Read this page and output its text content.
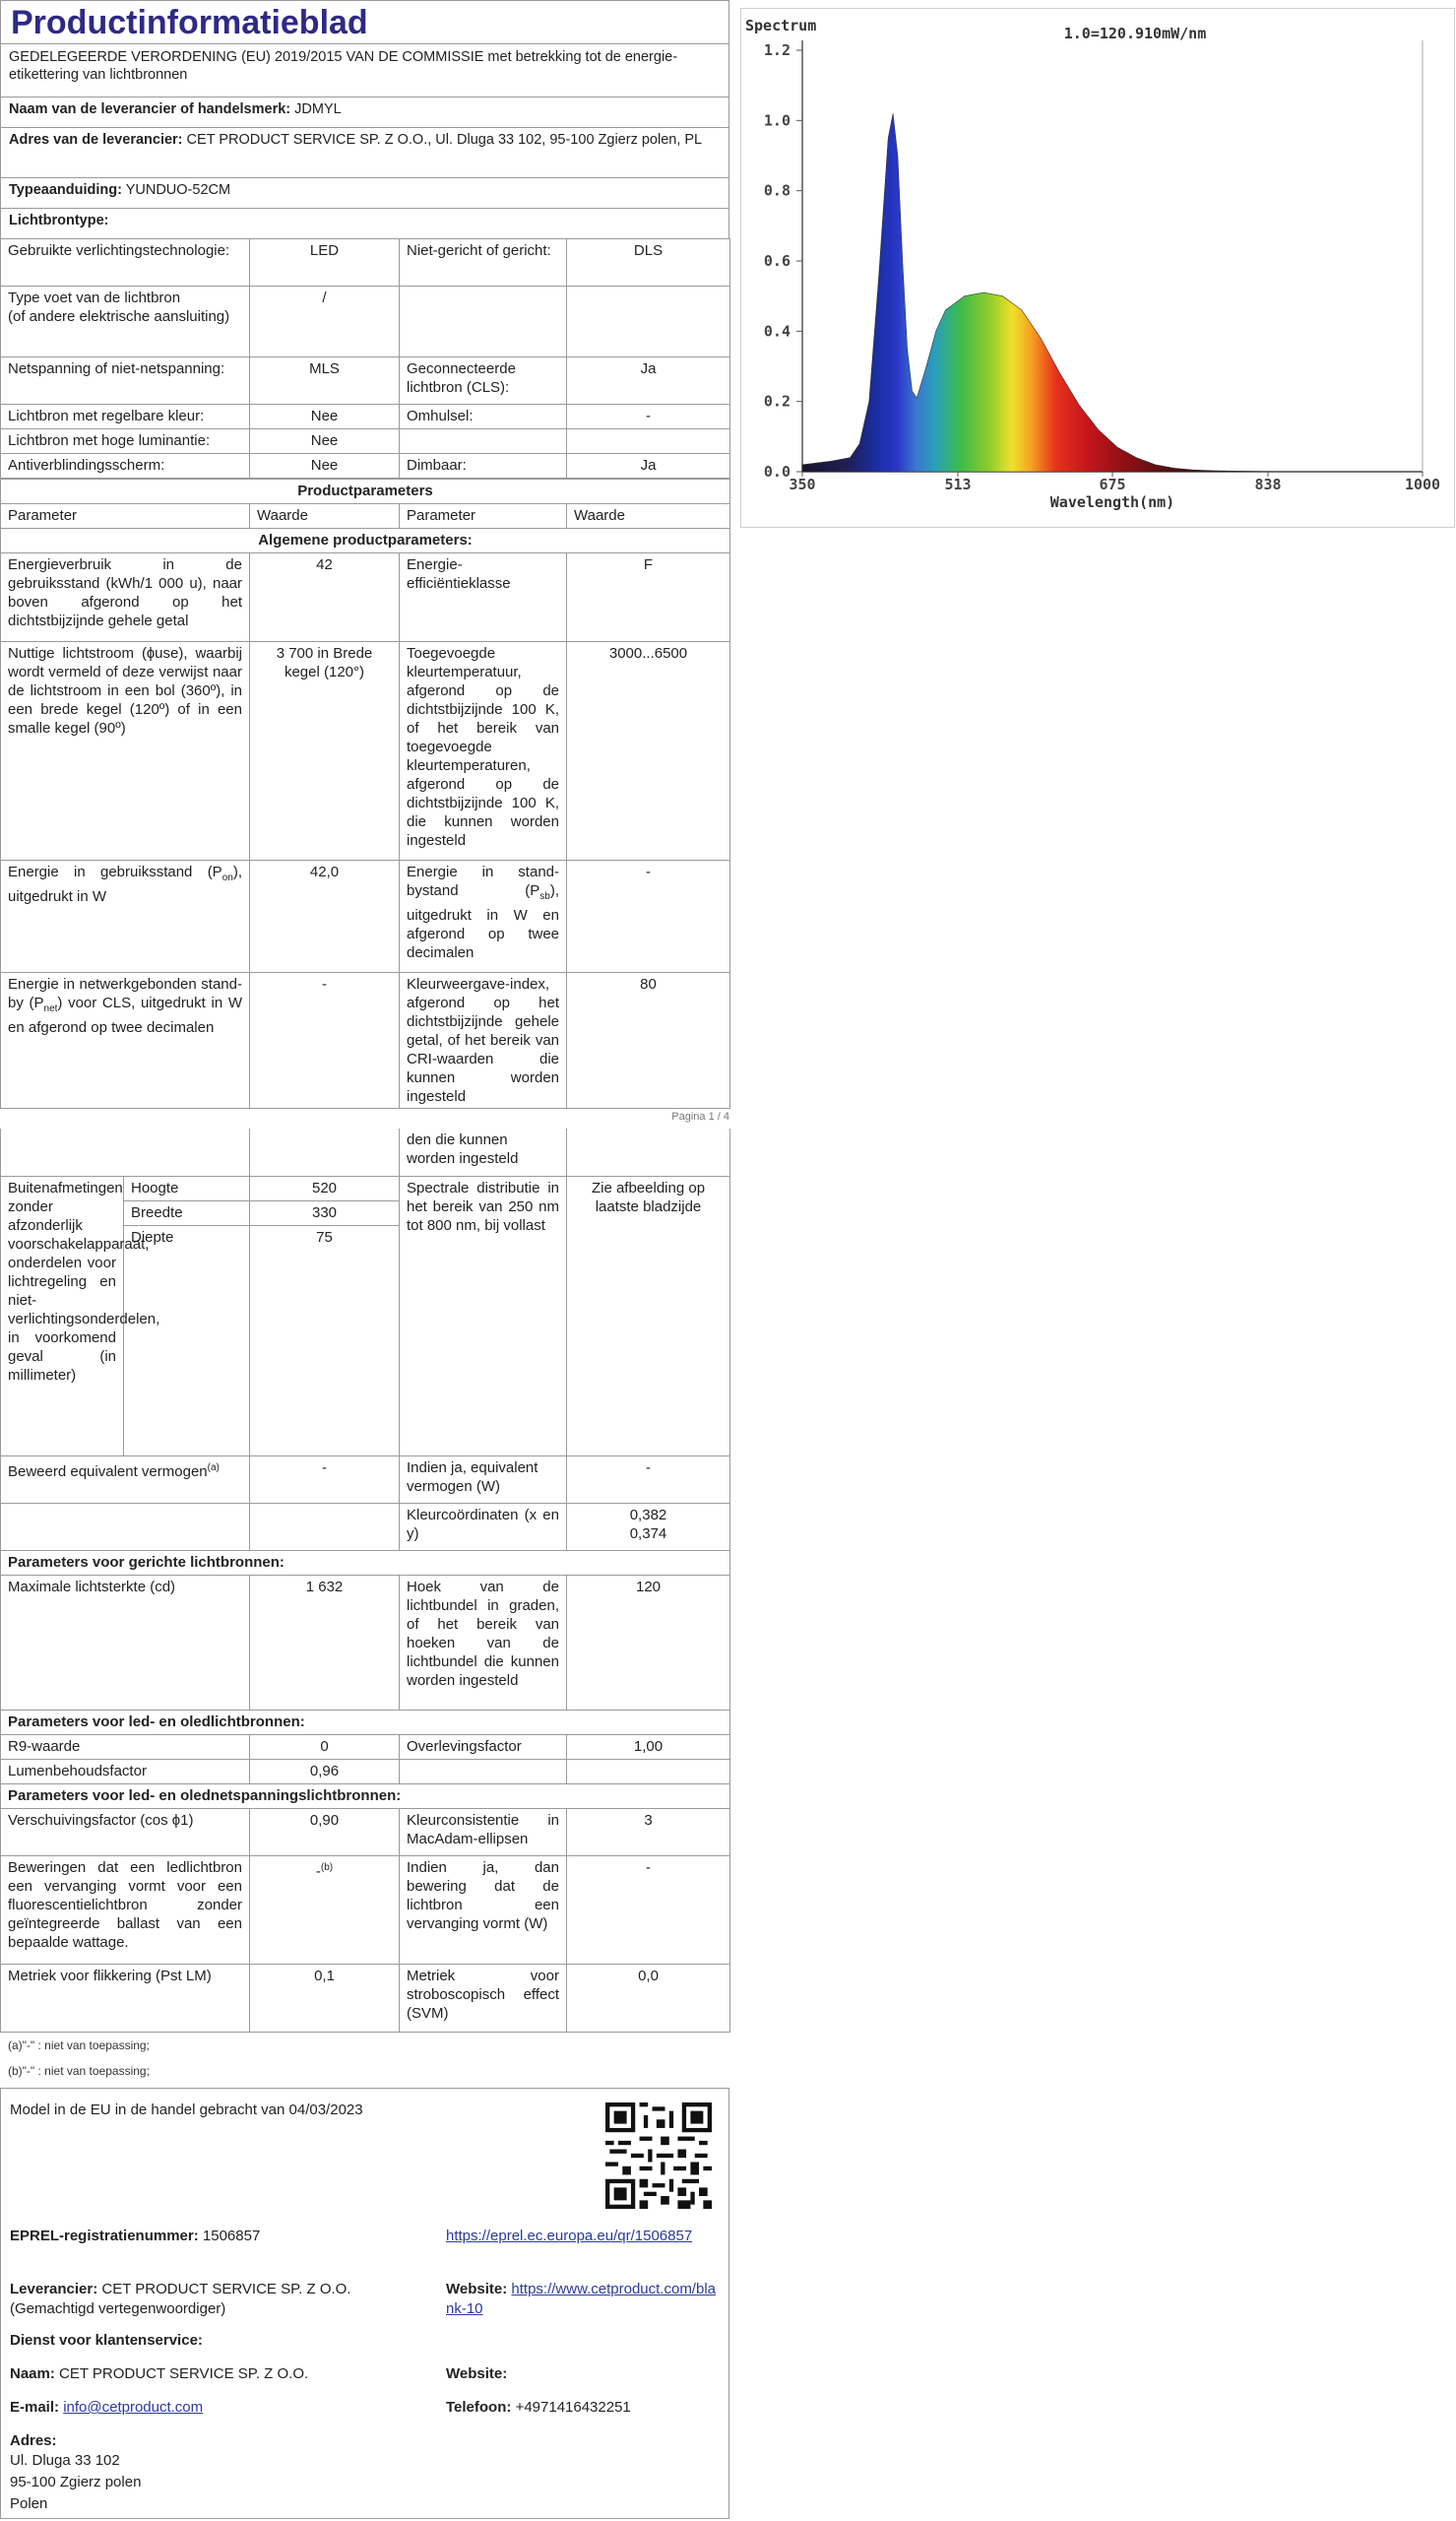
Productinformatieblad
GEDELEGEERDE VERORDENING (EU) 2019/2015 VAN DE COMMISSIE met betrekking tot de energie-etikettering van lichtbronnen
Naam van de leverancier of handelsmerk: JDMYL
Adres van de leverancier: CET PRODUCT SERVICE SP. Z O.O., Ul. Dluga 33 102, 95-100 Zgierz polen, PL
Typeaanduiding: YUNDUO-52CM
Lichtbrontype:
Gebruikte verlichtingstechnologie:	LED	Niet-gericht of gericht:	DLS
Type voet van de lichtbron
(of andere elektrische aansluiting)	/		
Netspanning of niet-netspanning:	MLS	Geconnecteerde lichtbron (CLS):	Ja
Lichtbron met regelbare kleur:	Nee	Omhulsel:	-
Lichtbron met hoge luminantie:	Nee		
Antiverblindingsscherm:	Nee	Dimbaar:	Ja
Productparameters			
Parameter	Waarde	Parameter	Waarde
Algemene productparameters:			
Energieverbruik in de gebruiksstand (kWh/1 000 u), naar boven afgerond op het dichtstbijzijnde gehele getal	42	Energie-efficiëntieklasse	F
Nuttige lichtstroom (ɸuse), waarbij wordt vermeld of deze verwijst naar de lichtstroom in een bol (360º), in een brede kegel (120º) of in een smalle kegel (90º)	3 700 in Brede kegel (120°)	Toegevoegde kleurtemperatuur, afgerond op de dichtstbijzijnde 100 K, of het bereik van toegevoegde kleurtemperaturen, afgerond op de dichtstbijzijnde 100 K, die kunnen worden ingesteld	3000...6500
Energie in gebruiksstand $(P_{on})$, uitgedrukt in W	42,0	Energie in stand-bystand $(P_{sb})$, uitgedrukt in W en afgerond op twee decimalen	-
Energie in netwerkgebonden stand-by $(P_{net})$ voor CLS, uitgedrukt in W en afgerond op twee decimalen	-	Kleurweergave-index, afgerond op het dichtstbijzijnde gehele getal, of het bereik van CRI-waarden die kunnen worden ingesteld	80
Pagina 1 / 4
			den die kunnen worden ingesteld	
Buitenafmetingen zonder afzonderlijk voorschakelapparaat, onderdelen voor lichtregeling en niet-verlichtingsonderdelen, in voorkomend geval (in millimeter)	Hoogte	520	Spectrale distributie in het bereik van 250 nm tot 800 nm, bij vollast	Zie afbeelding op laatste bladzijde
	Breedte	330		
	Diepte	75		
Beweerd equivalent vermogen$^{(a)}$		-	Indien ja, equivalent vermogen (W)	-
			Kleurcoördinaten (x en y)	0,382
0,374

Parameters voor gerichte lichtbronnen:				
Maximale lichtsterkte (cd)		1 632	Hoek van de lichtbundel in graden, of het bereik van hoeken van de lichtbundel die kunnen worden ingesteld	120
Parameters voor led- en oledlichtbronnen:				
R9-waarde		0	Overlevingsfactor	1,00
Lumenbehoudsfactor		0,96		
Parameters voor led- en olednetspanningslichtbronnen:				
Verschuivingsfactor (cos ϕ1)		0,90	Kleurconsistentie in MacAdam-ellipsen	3
Beweringen dat een ledlichtbron een vervanging vormt voor een fluorescentielichtbron zonder geïntegreerde ballast van een bepaalde wattage.		-$^{(b)}$	Indien ja, dan bewering dat de lichtbron een vervanging vormt (W)	-
Metriek voor flikkering (Pst LM)		0,1	Metriek voor stroboscopisch effect (SVM)	0,0
(a)"-" : niet van toepassing;
(b)"-" : niet van toepassing;
Model in de EU in de handel gebracht van 04/03/2023
EPREL-registratienummer: 1506857	https://eprel.ec.europa.eu/qr/1506857
Leverancier: CET PRODUCT SERVICE SP. Z O.O. (Gemachtigd vertegenwoordiger)
Website: https://www.cetproduct.com/blank-10
Dienst voor klantenservice:
Naam: CET PRODUCT SERVICE SP. Z O.O.	Website:
E-mail: info@cetproduct.com	Telefoon: +4971416432251
Adres:
Ul. Dluga 33 102
95-100 Zgierz polen
Polen
0.0
0.2
0.4
0.6
0.8
1.0
1.2
350	513	675	838	1000
Spectrum	1.0=120.910mW/nm
Wavelength(nm)
